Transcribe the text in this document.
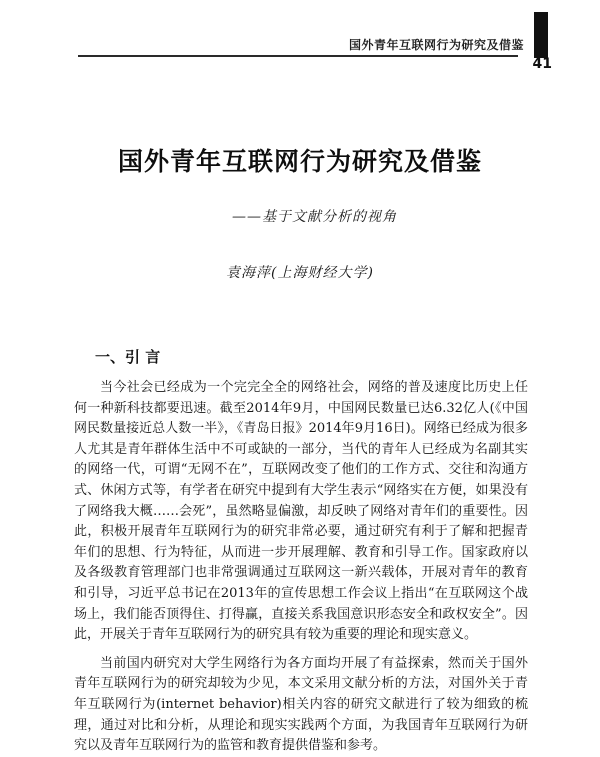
国外青年互联网行为研究及借鉴
41
国外青年互联网行为研究及借鉴
——基于文献分析的视角
袁海萍(上海财经大学)
一、引 言

当今社会已经成为一个完完全全的网络社会，网络的普及速度比历史上任何一种新科技都要迅速。截至2014年9月，中国网民数量已达6.32亿人(《中国网民数量接近总人数一半》，《青岛日报》2014年9月16日)。网络已经成为很多人尤其是青年群体生活中不可或缺的一部分，当代的青年人已经成为名副其实的网络一代，可谓“无网不在”，互联网改变了他们的工作方式、交往和沟通方式、休闲方式等，有学者在研究中提到有大学生表示“网络实在方便，如果没有了网络我大概……会死”，虽然略显偏激，却反映了网络对青年们的重要性。因此，积极开展青年互联网行为的研究非常必要，通过研究有利于了解和把握青年们的思想、行为特征，从而进一步开展理解、教育和引导工作。国家政府以及各级教育管理部门也非常强调通过互联网这一新兴载体，开展对青年的教育和引导，习近平总书记在2013年的宣传思想工作会议上指出“在互联网这个战场上，我们能否顶得住、打得赢，直接关系我国意识形态安全和政权安全”。因此，开展关于青年互联网行为的研究具有较为重要的理论和现实意义。

当前国内研究对大学生网络行为各方面均开展了有益探索，然而关于国外青年互联网行为的研究却较为少见，本文采用文献分析的方法，对国外关于青年互联网行为(internet behavior)相关内容的研究文献进行了较为细致的梳理，通过对比和分析，从理论和现实实践两个方面，为我国青年互联网行为研究以及青年互联网行为的监管和教育提供借鉴和参考。
